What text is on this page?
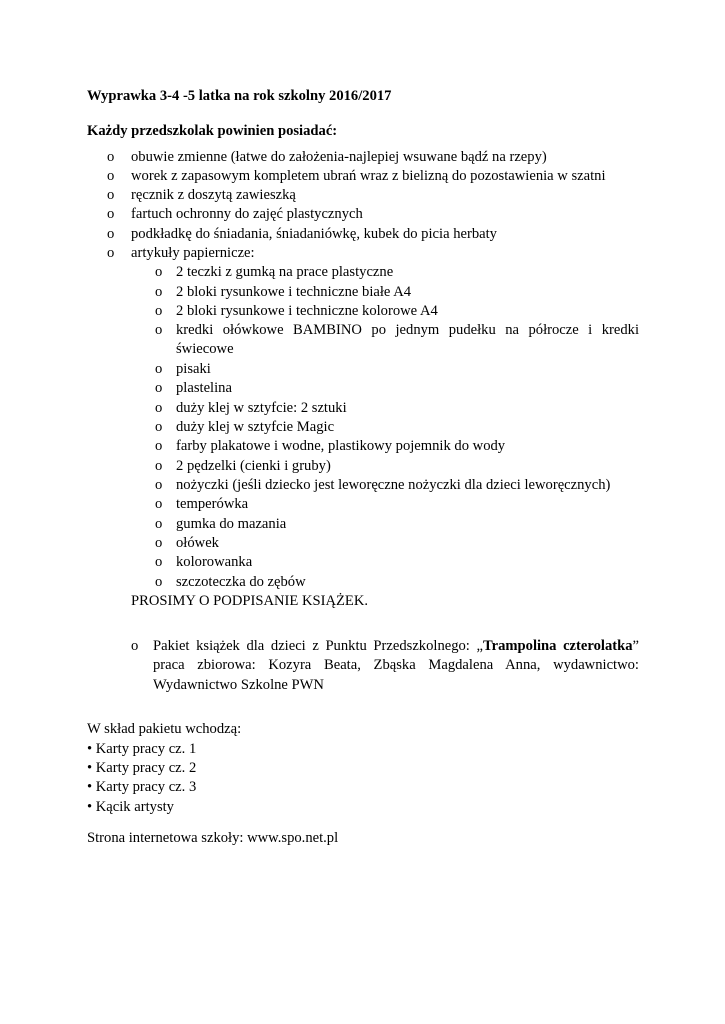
Wyprawka 3-4 -5 latka na rok szkolny 2016/2017
Każdy przedszkolak powinien posiadać:
o	obuwie zmienne (łatwe do założenia-najlepiej wsuwane bądź na rzepy)
o	worek z zapasowym kompletem ubrań wraz z bielizną do pozostawienia w szatni
o	ręcznik z doszytą zawieszką
o	fartuch ochronny do zajęć plastycznych
o	podkładkę do śniadania, śniadaniówkę, kubek do picia herbaty
o	artykuły papiernicze:
o 2 teczki z gumką na prace plastyczne
o 2 bloki rysunkowe i techniczne białe A4
o 2 bloki rysunkowe i techniczne kolorowe A4
o kredki ołówkowe BAMBINO po jednym pudełku na półrocze i kredki świecowe
o pisaki
o plastelina
o duży klej w sztyfcie: 2 sztuki
o duży klej w sztyfcie Magic
o farby plakatowe i wodne, plastikowy pojemnik do wody
o 2 pędzelki (cienki i gruby)
o nożyczki (jeśli dziecko jest leworęczne nożyczki dla dzieci leworęcznych)
o temperówka
o gumka do mazania
o ołówek
o kolorowanka
o szczoteczka do zębów
PROSIMY O PODPISANIE KSIĄŻEK.
o	Pakiet książek dla dzieci z Punktu Przedszkolnego: „Trampolina czterolatka” praca zbiorowa: Kozyra Beata, Zbąska Magdalena Anna, wydawnictwo: Wydawnictwo Szkolne PWN
W skład pakietu wchodzą:
• Karty pracy cz. 1
• Karty pracy cz. 2
• Karty pracy cz. 3
• Kącik artysty
Strona internetowa szkoły: www.spo.net.pl
